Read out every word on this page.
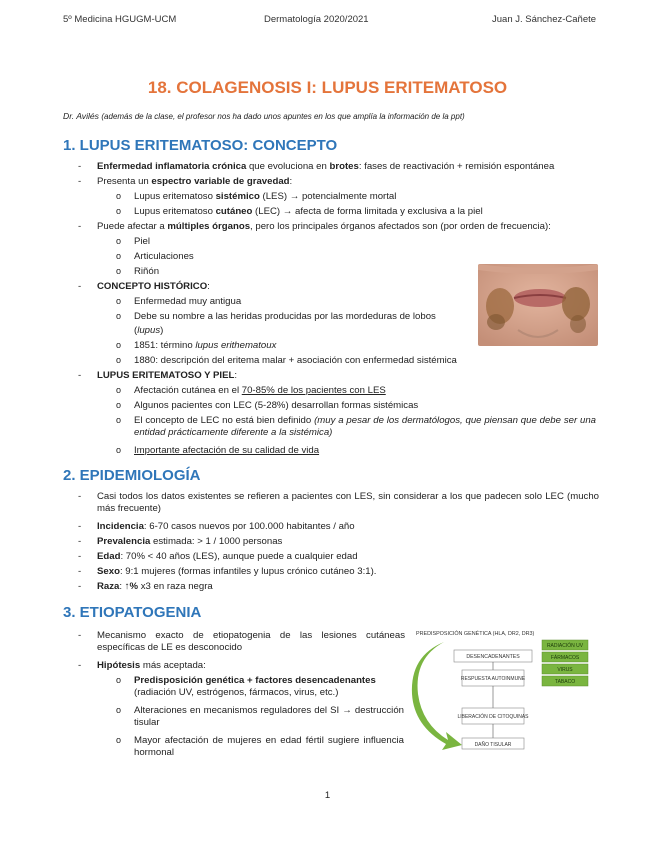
5º Medicina HGUGM-UCM	Dermatología 2020/2021	Juan J. Sánchez-Cañete
18. COLAGENOSIS I: LUPUS ERITEMATOSO
Dr. Avilés (además de la clase, el profesor nos ha dado unos apuntes en los que amplía la información de la ppt)
1. LUPUS ERITEMATOSO: CONCEPTO
- Enfermedad inflamatoria crónica que evoluciona en brotes: fases de reactivación + remisión espontánea
- Presenta un espectro variable de gravedad:
o Lupus eritematoso sistémico (LES) → potencialmente mortal
o Lupus eritematoso cutáneo (LEC) → afecta de forma limitada y exclusiva a la piel
- Puede afectar a múltiples órganos, pero los principales órganos afectados son (por orden de frecuencia):
o Piel
o Articulaciones
o Riñón
- CONCEPTO HISTÓRICO:
o Enfermedad muy antigua
o Debe su nombre a las heridas producidas por las mordeduras de lobos
(lupus)
o 1851: término lupus erithematoux
o 1880: descripción del eritema malar + asociación con enfermedad sistémica
- LUPUS ERITEMATOSO Y PIEL:
o Afectación cutánea en el 70-85% de los pacientes con LES
o Algunos pacientes con LEC (5-28%) desarrollan formas sistémicas
o El concepto de LEC no está bien definido (muy a pesar de los dermatólogos, que piensan que debe ser una entidad prácticamente diferente a la sistémica)
o Importante afectación de su calidad de vida
2. EPIDEMIOLOGÍA
- Casi todos los datos existentes se refieren a pacientes con LES, sin considerar a los que padecen solo LEC (mucho más frecuente)
- Incidencia: 6-70 casos nuevos por 100.000 habitantes / año
- Prevalencia estimada: > 1 / 1000 personas
- Edad: 70% < 40 años (LES), aunque puede a cualquier edad
- Sexo: 9:1 mujeres (formas infantiles y lupus crónico cutáneo 3:1).
- Raza: ↑% x3 en raza negra
3. ETIOPATOGENIA
- Mecanismo exacto de etiopatogenia de las lesiones cutáneas específicas de LE es desconocido
- Hipótesis más aceptada:
o Predisposición genética + factores desencadenantes
(radiación UV, estrógenos, fármacos, virus, etc.)
o Alteraciones en mecanismos reguladores del SI → destrucción tisular
o Mayor afectación de mujeres en edad fértil sugiere influencia hormonal
PREDISPOSICIÓN GENÉTICA (HLA, DR2, DR3)
DESENCADENANTES
RESPUESTA AUTOINMUNE
LIBERACIÓN DE CITOQUINAS
DAÑO TISULAR
RADIACIÓN UV
FÁRMACOS
VIRUS
TABACO
1
